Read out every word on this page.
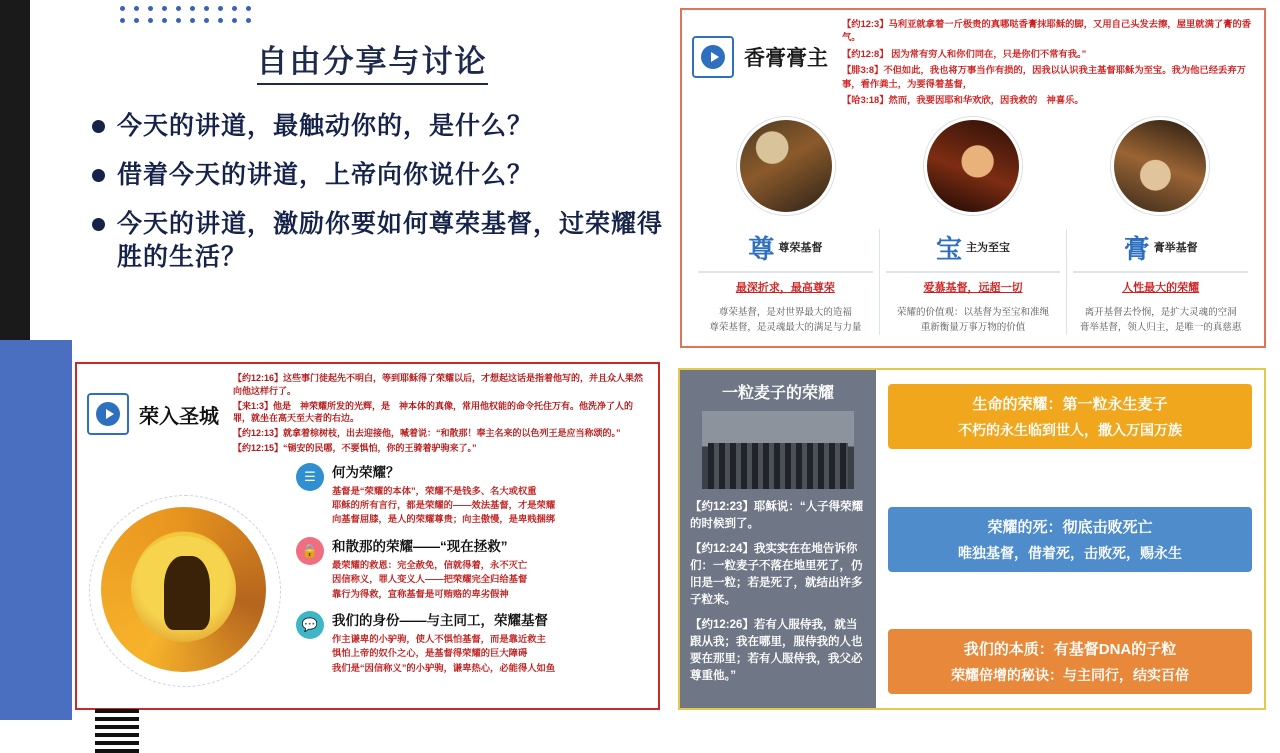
自由分享与讨论
今天的讲道，最触动你的，是什么？
借着今天的讲道，上帝向你说什么？
今天的讲道，激励你要如何尊荣基督，过荣耀得胜的生活？
香膏膏主

【约12:3】马利亚就拿着一斤极贵的真哪哒香膏抹耶稣的脚，又用自己头发去擦，屋里就满了膏的香气。

【约12:8】 因为常有穷人和你们同在，只是你们不常有我。”

【腓3:8】不但如此，我也将万事当作有损的，因我以认识我主基督耶稣为至宝。我为他已经丢弃万事，看作粪土，为要得着基督，

【哈3:18】然而，我要因耶和华欢欣，因我救的　神喜乐。

尊 尊荣基督
最深折求，最高尊荣
尊荣基督，是对世界最大的造福
尊荣基督，是灵魂最大的满足与力量
宝 主为至宝
爱慕基督，远超一切
荣耀的价值观：以基督为至宝和准绳
重新衡量万事万物的价值
膏 膏举基督
人性最大的荣耀
离开基督去怜悯，是扩大灵魂的空洞
膏举基督，领人归主，是唯一的真慈惠
荣入圣城

【约12:16】这些事门徒起先不明白，等到耶稣得了荣耀以后，才想起这话是指着他写的，并且众人果然向他这样行了。

【来1:3】他是　神荣耀所发的光辉，是　神本体的真像，常用他权能的命令托住万有。他洗净了人的罪，就坐在高天至大者的右边。

【约12:13】就拿着棕树枝，出去迎接他，喊着说：“和散那！奉主名来的以色列王是应当称颂的。”

【约12:15】“锡安的民哪，不要惧怕，你的王骑着驴驹来了。”

☰	何为荣耀？
基督是“荣耀的本体”，荣耀不是钱多、名大或权重
耶稣的所有言行，都是荣耀的——效法基督，才是荣耀
向基督屈膝，是人的荣耀尊贵；向主傲慢，是卑贱捆绑
🔒	和散那的荣耀——“现在拯救”
最荣耀的救恩：完全赦免，信就得着，永不灭亡
因信称义，罪人变义人——把荣耀完全归给基督
靠行为得救，宣称基督是可贿赂的卑劣假神
💬	我们的身份——与主同工，荣耀基督
作主谦卑的小驴驹，使人不惧怕基督，而是靠近救主
惧怕上帝的奴仆之心，是基督得荣耀的巨大障碍
我们是“因信称义”的小驴驹，谦卑热心，必能得人如鱼
一粒麦子的荣耀

【约12:23】耶稣说：“人子得荣耀的时候到了。

【约12:24】我实实在在地告诉你们：一粒麦子不落在地里死了，仍旧是一粒；若是死了，就结出许多子粒来。

【约12:26】若有人服侍我，就当跟从我；我在哪里，服侍我的人也要在那里；若有人服侍我，我父必尊重他。”

生命的荣耀：第一粒永生麦子
不朽的永生临到世人，撒入万国万族
荣耀的死：彻底击败死亡
唯独基督，借着死，击败死，赐永生
我们的本质：有基督DNA的子粒
荣耀倍增的秘诀：与主同行，结实百倍
